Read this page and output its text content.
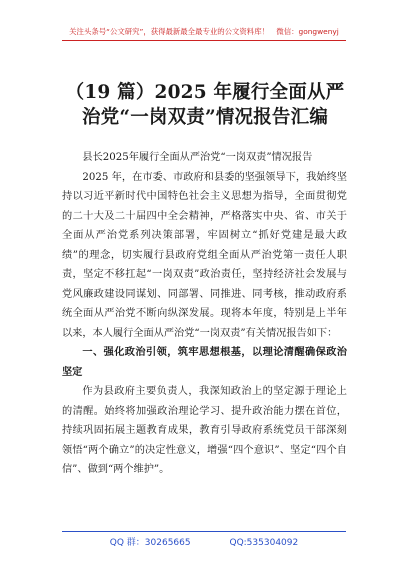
关注头条号“公文研究”，获得最新最全最专业的公文资料库！　微信：gongwenyj
（19 篇）2025 年履行全面从严治党“一岗双责”情况报告汇编

县长2025年履行全面从严治党“一岗双责”情况报告

2025 年，在市委、市政府和县委的坚强领导下，我始终坚持以习近平新时代中国特色社会主义思想为指导，全面贯彻党的二十大及二十届四中全会精神，严格落实中央、省、市关于全面从严治党系列决策部署，牢固树立“抓好党建是最大政绩”的理念，切实履行县政府党组全面从严治党第一责任人职责，坚定不移扛起“一岗双责”政治责任，坚持经济社会发展与党风廉政建设同谋划、同部署、同推进、同考核，推动政府系统全面从严治党不断向纵深发展。现将本年度，特别是上半年以来，本人履行全面从严治党“一岗双责”有关情况报告如下：

一、强化政治引领，筑牢思想根基，以理论清醒确保政治坚定

作为县政府主要负责人，我深知政治上的坚定源于理论上的清醒。始终将加强政治理论学习、提升政治能力摆在首位，持续巩固拓展主题教育成果，教育引导政府系统党员干部深刻领悟“两个确立”的决定性意义，增强“四个意识”、坚定“四个自信”、做到“两个维护”。

QQ 群：30265665	QQ:535304092
